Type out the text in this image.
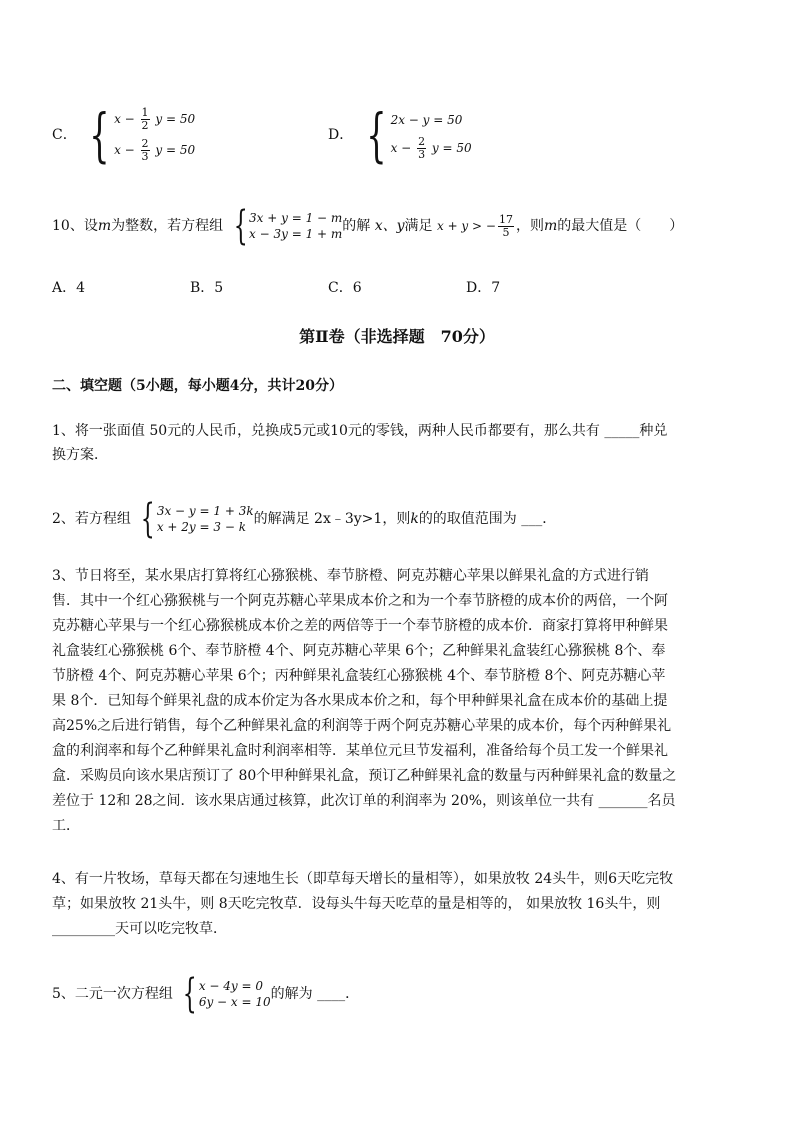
C． { $x - \frac{1}{2}$ y = 50
$x - \frac{2}{3}$ y = 50
D． { 2x − y = 50
$x - \frac{2}{3}$ y = 50
10、设m为整数，若方程组 { 3x + y = 1 − m
x − 3y = 1 + m 的解 x、y满足 x + y > − $\frac{17}{5}$ ，则m的最大值是（　　）
A．4	B．5	C．6	D．7
第Ⅱ卷（非选择题　70分）
二、填空题（5小题，每小题4分，共计20分）
1、将一张面值 50元的人民币，兑换成5元或10元的零钱，两种人民币都要有，那么共有 _____种兑
换方案．
2、若方程组 { 3x − y = 1 + 3k
x + 2y = 3 − k 的解满足 2x﹣3y>1，则k的的取值范围为 ___．
3、节日将至，某水果店打算将红心猕猴桃、奉节脐橙、阿克苏糖心苹果以鲜果礼盒的方式进行销
售．其中一个红心猕猴桃与一个阿克苏糖心苹果成本价之和为一个奉节脐橙的成本价的两倍，一个阿
克苏糖心苹果与一个红心猕猴桃成本价之差的两倍等于一个奉节脐橙的成本价．商家打算将甲种鲜果
礼盒装红心猕猴桃 6个、奉节脐橙 4个、阿克苏糖心苹果 6个；乙种鲜果礼盒装红心猕猴桃 8个、奉
节脐橙 4个、阿克苏糖心苹果 6个；丙种鲜果礼盒装红心猕猴桃 4个、奉节脐橙 8个、阿克苏糖心苹
果 8个．已知每个鲜果礼盘的成本价定为各水果成本价之和，每个甲种鲜果礼盒在成本价的基础上提
高25%之后进行销售，每个乙种鲜果礼盒的利润等于两个阿克苏糖心苹果的成本价，每个丙种鲜果礼
盒的利润率和每个乙种鲜果礼盒时利润率相等．某单位元旦节发福利，准备给每个员工发一个鲜果礼
盒．采购员向该水果店预订了 80个甲种鲜果礼盒，预订乙种鲜果礼盒的数量与丙种鲜果礼盒的数量之
差位于 12和 28之间．该水果店通过核算，此次订单的利润率为 20%，则该单位一共有 _______名员
工．
4、有一片牧场，草每天都在匀速地生长（即草每天增长的量相等），如果放牧 24头牛，则6天吃完牧
草；如果放牧 21头牛，则 8天吃完牧草．设每头牛每天吃草的量是相等的， 如果放牧 16头牛，则
_________天可以吃完牧草．
5、二元一次方程组 { x − 4y = 0
6y − x = 10 的解为 ____．
